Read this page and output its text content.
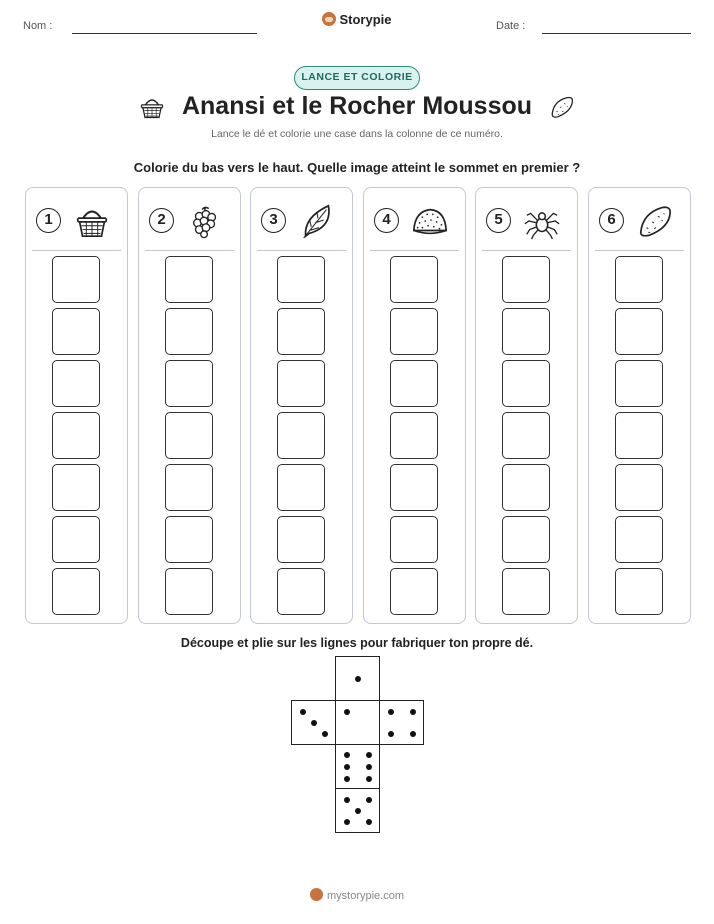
Nom :	Storypie	Date :
LANCE ET COLORIE
Anansi et le Rocher Moussou
Lance le dé et colorie une case dans la colonne de ce numéro.
Colorie du bas vers le haut. Quelle image atteint le sommet en premier ?
1	2	3	4	5	6
Découpe et plie sur les lignes pour fabriquer ton propre dé.
mystorypie.com
